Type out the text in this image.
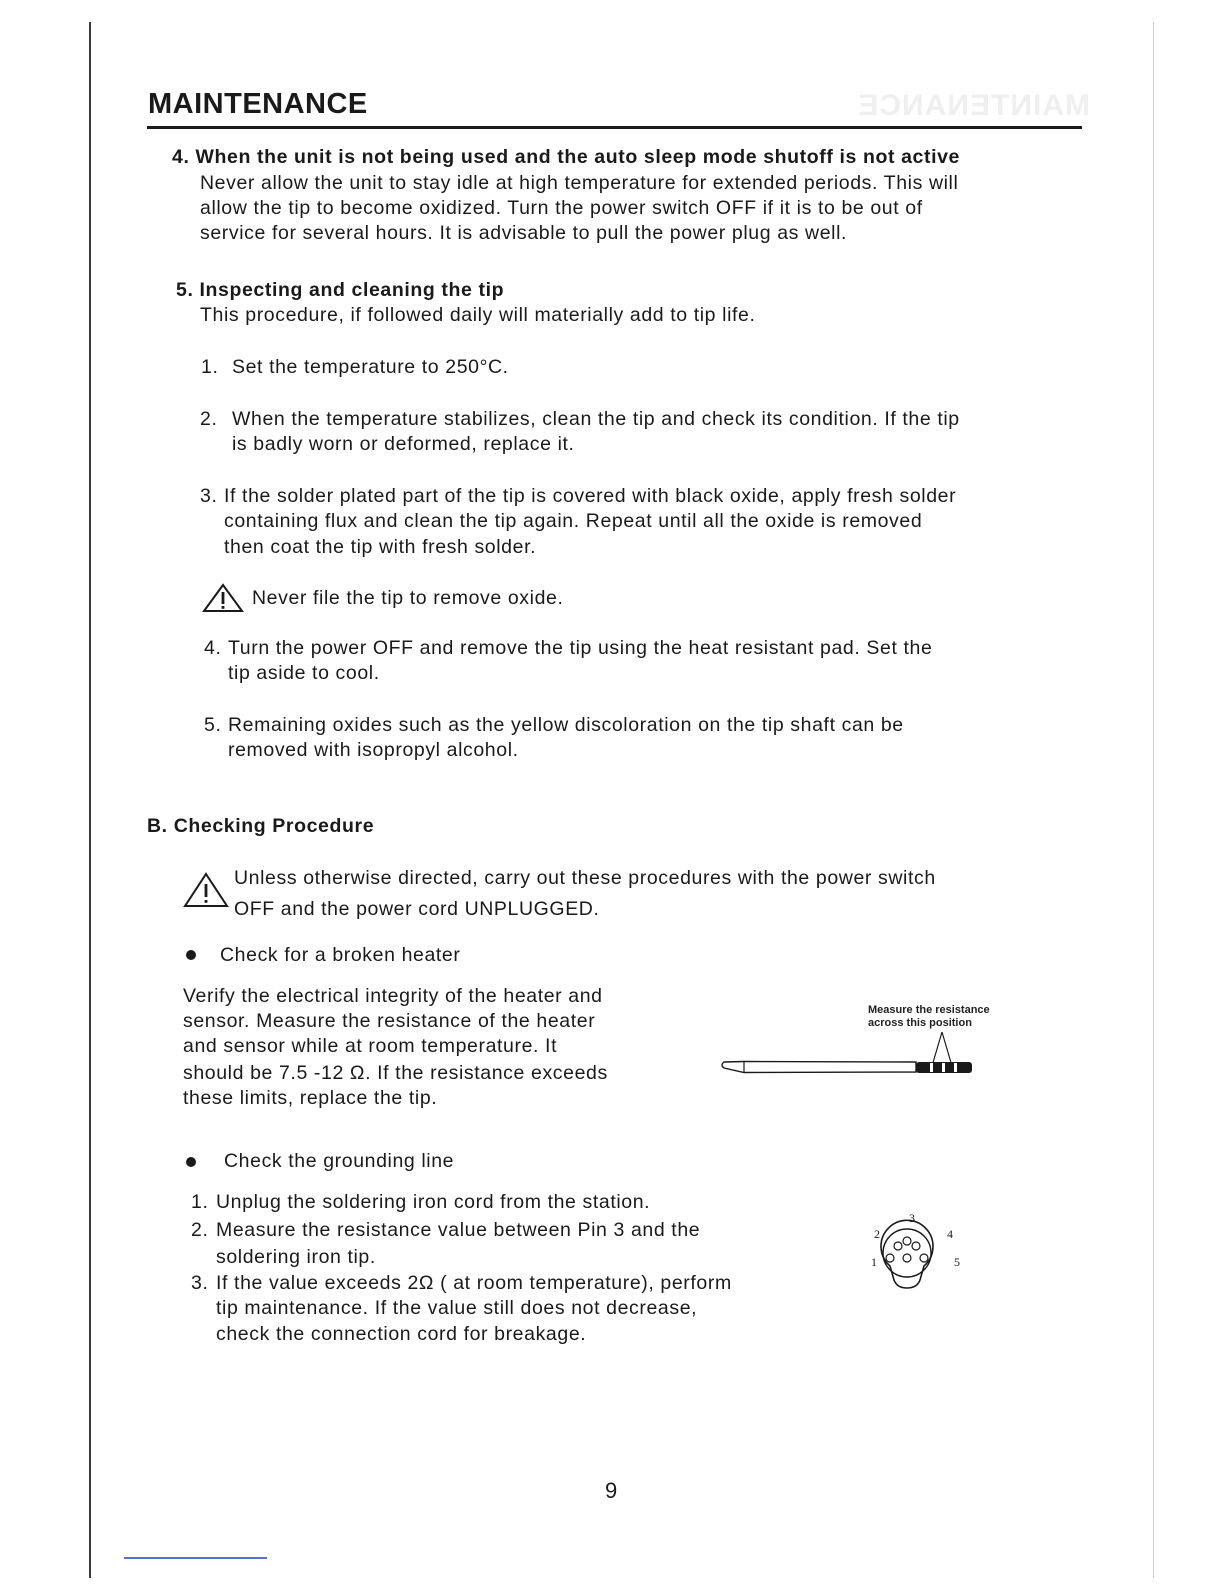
MAINTENANCE
MAINTENANCE
4. When the unit is not being used and the auto sleep mode shutoff is not active
Never allow the unit to stay idle at high temperature for extended periods. This will
allow the tip to become oxidized. Turn the power switch OFF if it is to be out of
service for several hours. It is advisable to pull the power plug as well.
5. Inspecting and cleaning the tip
This procedure, if followed daily will materially add to tip life.
1. Set the temperature to 250°C.
2. When the temperature stabilizes, clean the tip and check its condition. If the tip
is badly worn or deformed, replace it.
3. If the solder plated part of the tip is covered with black oxide, apply fresh solder
containing flux and clean the tip again. Repeat until all the oxide is removed
then coat the tip with fresh solder.
Never file the tip to remove oxide.
4. Turn the power OFF and remove the tip using the heat resistant pad. Set the
tip aside to cool.
5. Remaining oxides such as the yellow discoloration on the tip shaft can be
removed with isopropyl alcohol.
B. Checking Procedure
Unless otherwise directed, carry out these procedures with the power switch
OFF and the power cord UNPLUGGED.
Check for a broken heater
Verify the electrical integrity of the heater and
sensor. Measure the resistance of the heater
and sensor while at room temperature. It
should be 7.5 -12 Ω. If the resistance exceeds
these limits, replace the tip.
Measure the resistance
across this position
Check the grounding line
1. Unplug the soldering iron cord from the station.
2. Measure the resistance value between Pin 3 and the
soldering iron tip.
3. If the value exceeds 2Ω ( at room temperature), perform
tip maintenance. If the value still does not decrease,
check the connection cord for breakage.
1
2
3
4
5
9
